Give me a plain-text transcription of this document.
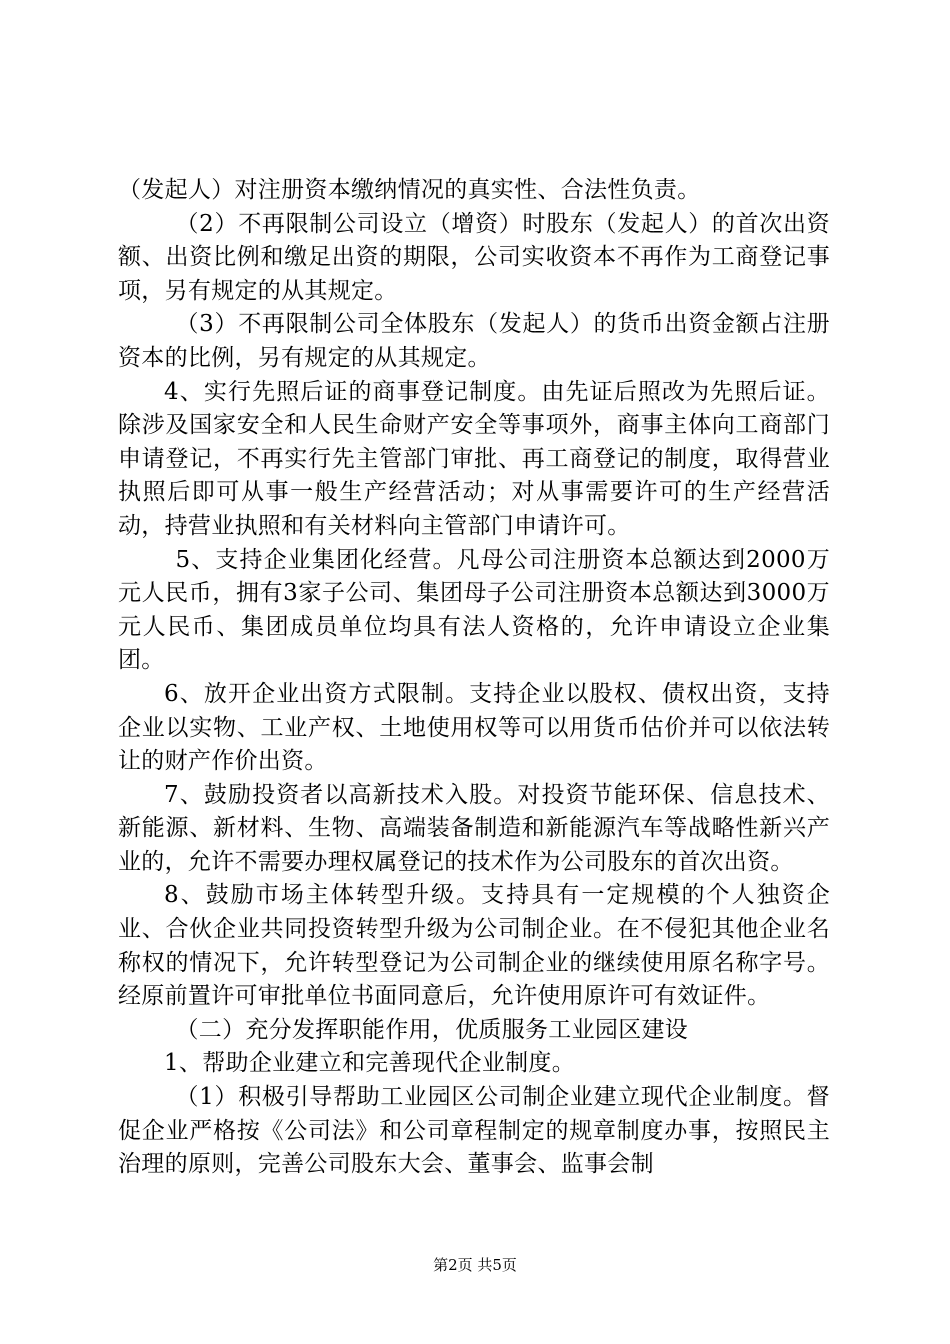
（发起人）对注册资本缴纳情况的真实性、合法性负责。

（2）不再限制公司设立（增资）时股东（发起人）的首次出资额、出资比例和缴足出资的期限，公司实收资本不再作为工商登记事项，另有规定的从其规定。

（3）不再限制公司全体股东（发起人）的货币出资金额占注册资本的比例，另有规定的从其规定。

4、实行先照后证的商事登记制度。由先证后照改为先照后证。除涉及国家安全和人民生命财产安全等事项外，商事主体向工商部门申请登记，不再实行先主管部门审批、再工商登记的制度，取得营业执照后即可从事一般生产经营活动；对从事需要许可的生产经营活动，持营业执照和有关材料向主管部门申请许可。

5、支持企业集团化经营。凡母公司注册资本总额达到2000万元人民币，拥有3家子公司、集团母子公司注册资本总额达到3000万元人民币、集团成员单位均具有法人资格的，允许申请设立企业集团。

6、放开企业出资方式限制。支持企业以股权、债权出资，支持企业以实物、工业产权、土地使用权等可以用货币估价并可以依法转让的财产作价出资。

7、鼓励投资者以高新技术入股。对投资节能环保、信息技术、新能源、新材料、生物、高端装备制造和新能源汽车等战略性新兴产业的，允许不需要办理权属登记的技术作为公司股东的首次出资。

8、鼓励市场主体转型升级。支持具有一定规模的个人独资企业、合伙企业共同投资转型升级为公司制企业。在不侵犯其他企业名称权的情况下，允许转型登记为公司制企业的继续使用原名称字号。经原前置许可审批单位书面同意后，允许使用原许可有效证件。

（二）充分发挥职能作用，优质服务工业园区建设

1、帮助企业建立和完善现代企业制度。

（1）积极引导帮助工业园区公司制企业建立现代企业制度。督促企业严格按《公司法》和公司章程制定的规章制度办事，按照民主治理的原则，完善公司股东大会、董事会、监事会制

第2页 共5页
